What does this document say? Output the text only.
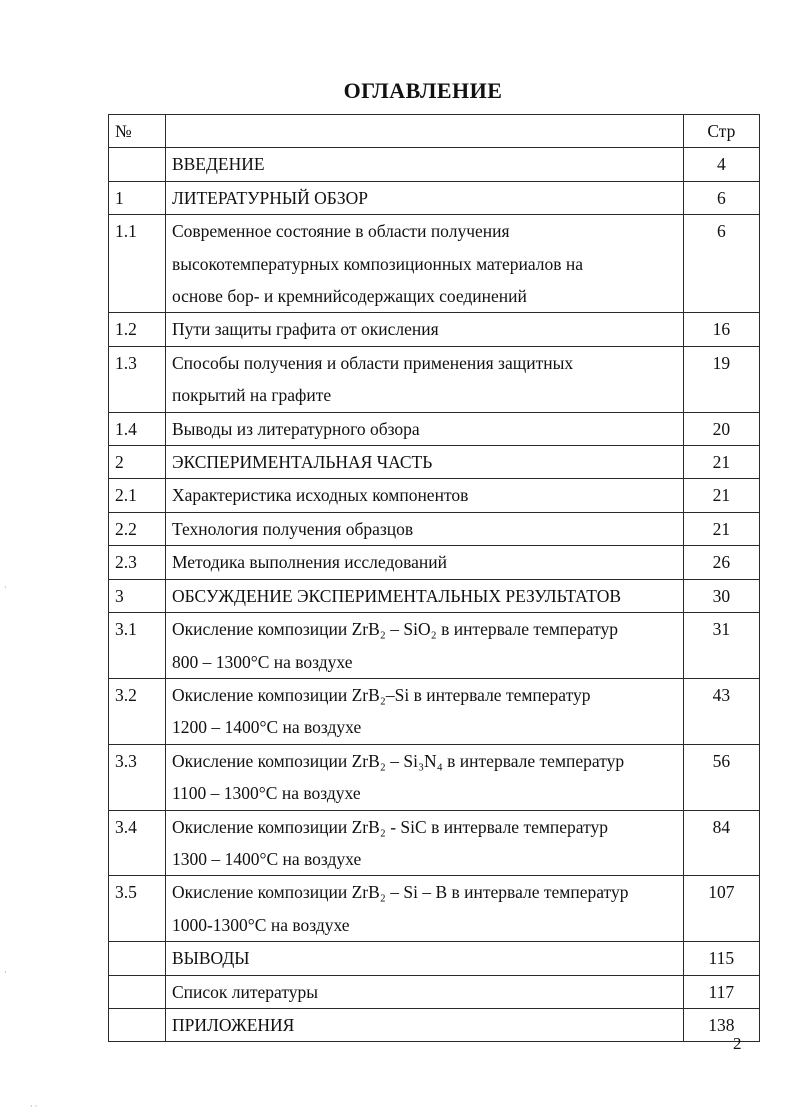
ОГЛАВЛЕНИЕ
№		Стр

	ВВЕДЕНИЕ	4

1	ЛИТЕРАТУРНЫЙ ОБЗОР	6

1.1	Современное состояние в области получения
высокотемпературных композиционных материалов на
основе бор- и кремнийсодержащих соединений	6

1.2	Пути защиты графита от окисления	16

1.3	Способы получения и области применения защитных
покрытий на графите	19

1.4	Выводы из литературного обзора	20

2	ЭКСПЕРИМЕНТАЛЬНАЯ ЧАСТЬ	21

2.1	Характеристика исходных компонентов	21

2.2	Технология получения образцов	21

2.3	Методика выполнения исследований	26

3	ОБСУЖДЕНИЕ ЭКСПЕРИМЕНТАЛЬНЫХ РЕЗУЛЬТАТОВ	30

3.1	Окисление композиции ZrB₂ – SiO₂ в интервале температур
800 – 1300°С на воздухе	31

3.2	Окисление композиции ZrB₂–Si в интервале температур
1200 – 1400°С на воздухе	43

3.3	Окисление композиции ZrB₂ – Si₃N₄ в интервале температур
1100 – 1300°С на воздухе	56

3.4	Окисление композиции ZrB₂ - SiC в интервале температур
1300 – 1400°С на воздухе	84

3.5	Окисление композиции ZrB₂ – Si – B в интервале температур
1000-1300°С на воздухе	107

	ВЫВОДЫ	115

	Список литературы	117

	ПРИЛОЖЕНИЯ	138
2
·
·
· ·
